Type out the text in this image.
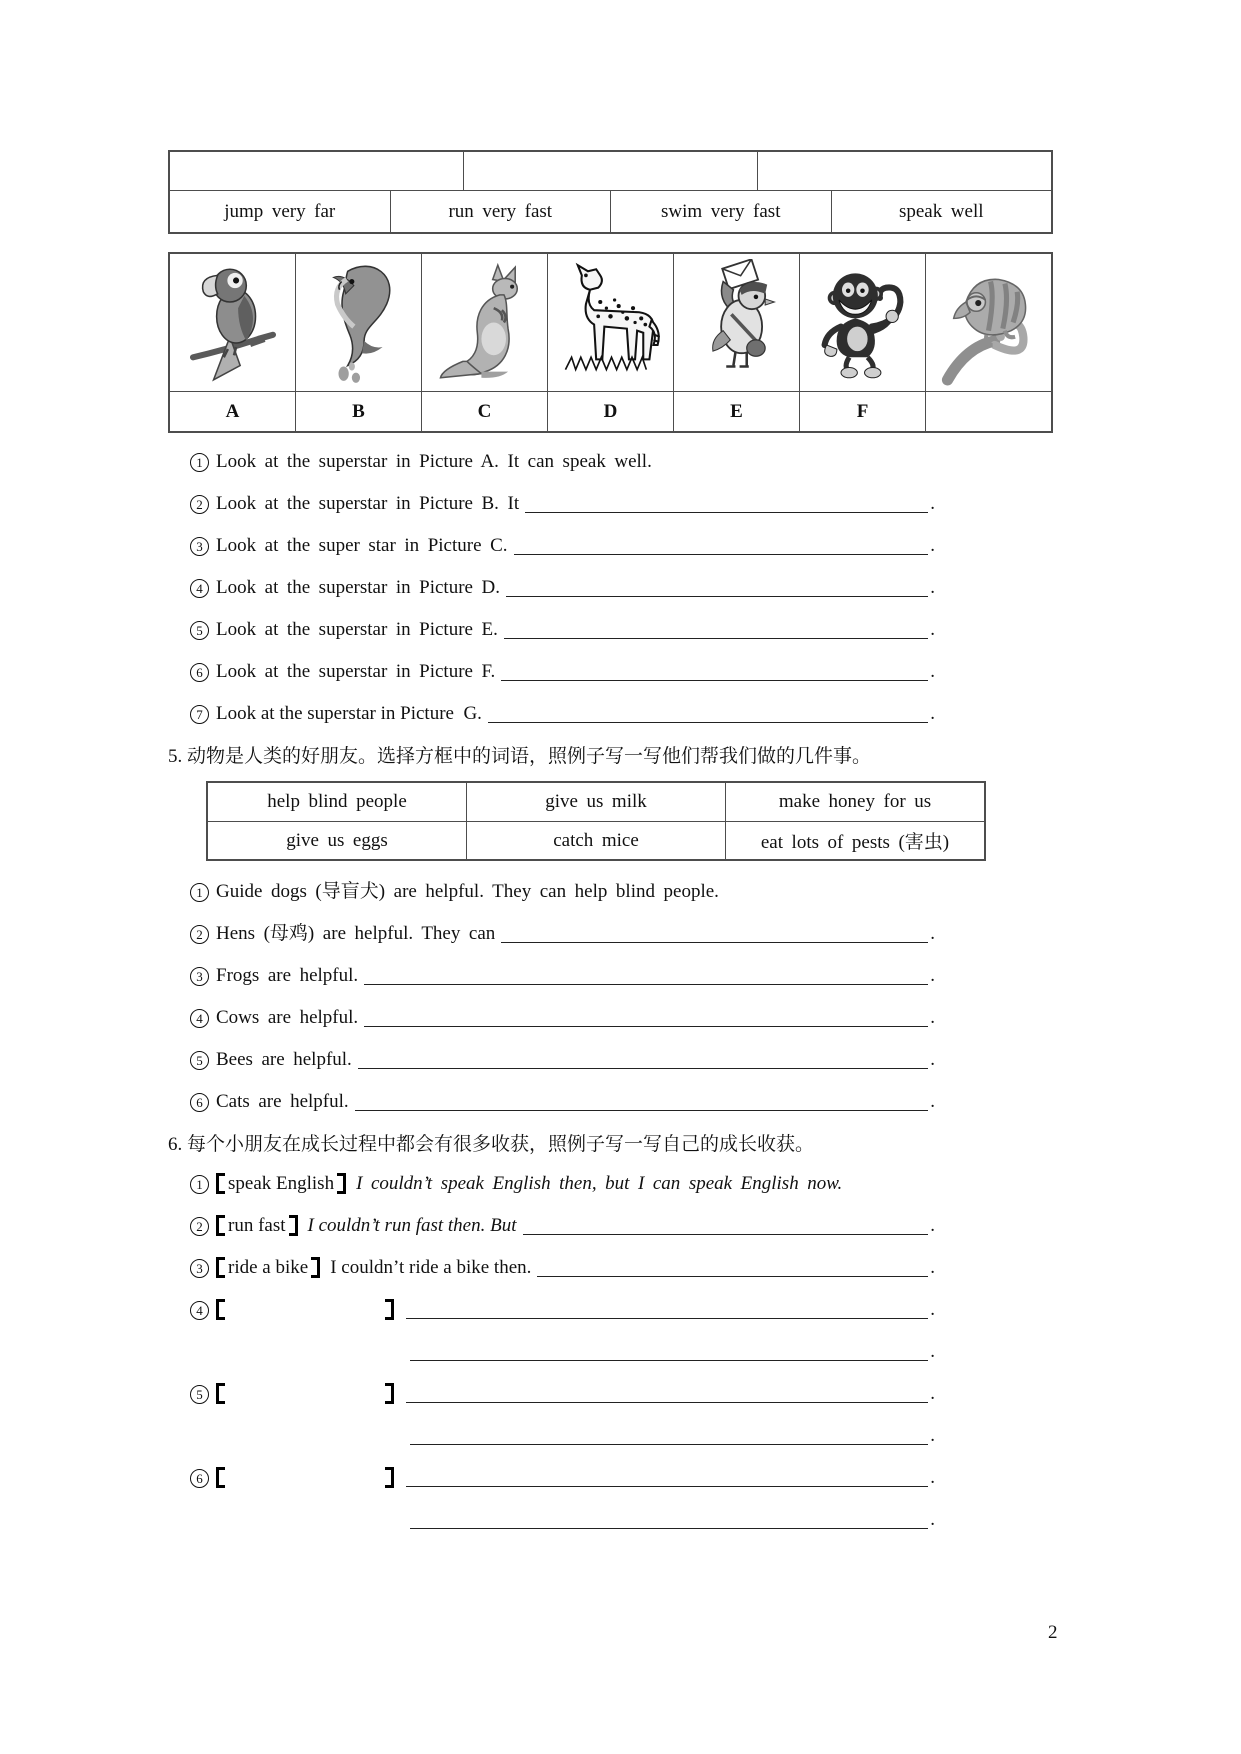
jump very far	run very fast	swim very fast	speak well
A	B	C	D	E	F
1 Look at the superstar in Picture A. It can speak well.
2 Look at the superstar in Picture B. It	.
3 Look at the super star in Picture C.	.
4 Look at the superstar in Picture D.	.
5 Look at the superstar in Picture E.	.
6 Look at the superstar in Picture F.	.
7 Look at the superstar in Picture  G.	.
5. 动物是人类的好朋友。选择方框中的词语，照例子写一写他们帮我们做的几件事。
help blind people	give us milk	make honey for us
give us eggs	catch mice	eat lots of pests (害虫)
1 Guide dogs (导盲犬) are helpful. They can help blind people.
2 Hens (母鸡) are helpful. They can	.
3 Frogs are helpful.	.
4 Cows are helpful.	.
5 Bees are helpful.	.
6 Cats are helpful.	.
6. 每个小朋友在成长过程中都会有很多收获，照例子写一写自己的成长收获。
1	speak English I couldn’t speak English then, but I can speak English now.
2	run fast I couldn’t run fast then. But	.
3	ride a bike I couldn’t ride a bike then.	.
4	.
.
5	.
.
6	.
.
2
